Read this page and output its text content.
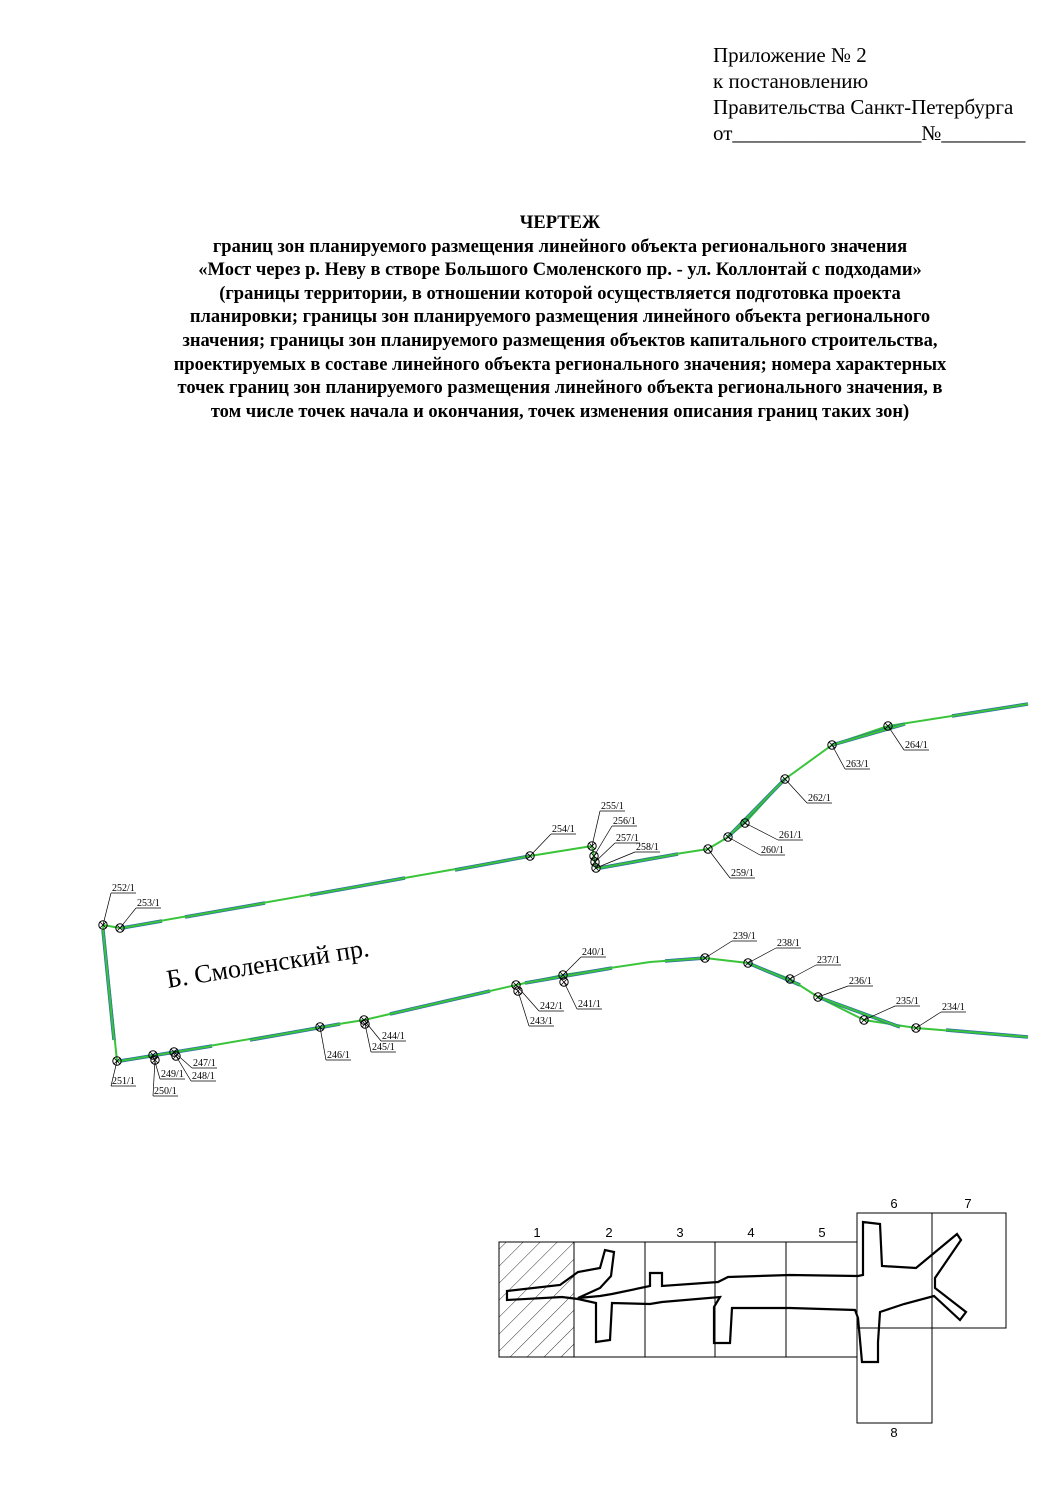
Приложение № 2
к постановлению
Правительства Санкт-Петербурга
от__________________№________
ЧЕРТЕЖ
границ зон планируемого размещения линейного объекта регионального значения
«Мост через р. Неву в створе Большого Смоленского пр. - ул. Коллонтай с подходами»
(границы территории, в отношении которой осуществляется подготовка проекта
планировки; границы зон планируемого размещения линейного объекта регионального
значения; границы зон планируемого размещения объектов капитального строительства,
проектируемых в составе линейного объекта регионального значения; номера характерных
точек границ зон планируемого размещения линейного объекта регионального значения, в
том числе точек начала и окончания, точек изменения описания границ таких зон)
Б. Смоленский пр.
234/1
235/1
236/1
237/1
238/1
239/1
240/1
241/1
242/1
243/1
244/1
245/1
246/1
247/1
248/1
249/1
250/1
251/1
252/1
253/1
254/1
255/1
256/1
257/1
258/1
259/1
260/1
261/1
262/1
263/1
264/1
1	2	3	4	5
6	7
8
